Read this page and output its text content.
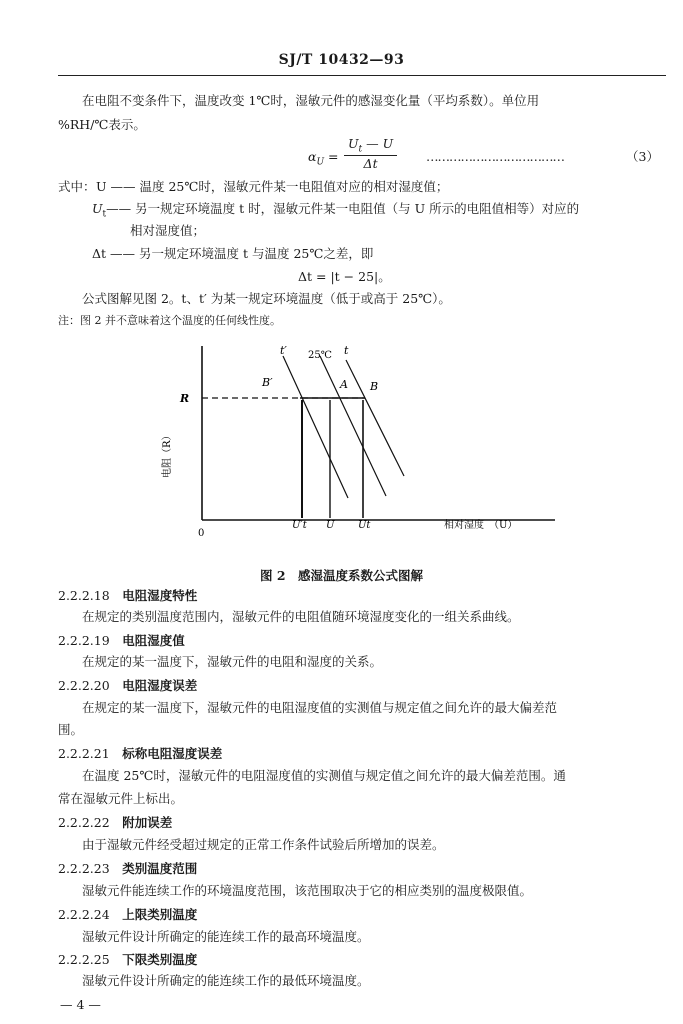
SJ/T 10432—93
在电阻不变条件下，温度改变 1℃时，湿敏元件的感湿变化量（平均系数）。单位用
%RH/℃表示。
$\alpha_U = \frac{U_t — U}{\Delta t}$ ………………………………	（3）
式中： U —— 温度 25℃时，湿敏元件某一电阻值对应的相对湿度值；
$U_t——$ 另一规定环境温度 t 时，湿敏元件某一电阻值（与 U 所示的电阻值相等）对应的
相对湿度值；
Δt —— 另一规定环境温度 t 与温度 25℃之差，即
Δt = |t − 25|。
公式图解见图 2。t、t′ 为某一规定环境温度（低于或高于 25℃）。
注：图 2 并不意味着这个温度的任何线性度。
R
0
电阻（R）
相对湿度　（U）
U′t U Ut
t′ 25℃ t
B′	A B
图 2　感湿温度系数公式图解
2.2.2.18　 电阻湿度特性
在规定的类别温度范围内，湿敏元件的电阻值随环境湿度变化的一组关系曲线。
2.2.2.19　 电阻湿度值
在规定的某一温度下，湿敏元件的电阻和湿度的关系。
2.2.2.20　 电阻湿度误差
在规定的某一温度下，湿敏元件的电阻湿度值的实测值与规定值之间允许的最大偏差范
围。
2.2.2.21　 标称电阻湿度误差
在温度 25℃时，湿敏元件的电阻湿度值的实测值与规定值之间允许的最大偏差范围。通
常在湿敏元件上标出。
2.2.2.22　 附加误差
由于湿敏元件经受超过规定的正常工作条件试验后所增加的误差。
2.2.2.23　 类别温度范围
湿敏元件能连续工作的环境温度范围，该范围取决于它的相应类别的温度极限值。
2.2.2.24　 上限类别温度
湿敏元件设计所确定的能连续工作的最高环境温度。
2.2.2.25　 下限类别温度
湿敏元件设计所确定的能连续工作的最低环境温度。
— 4 —
